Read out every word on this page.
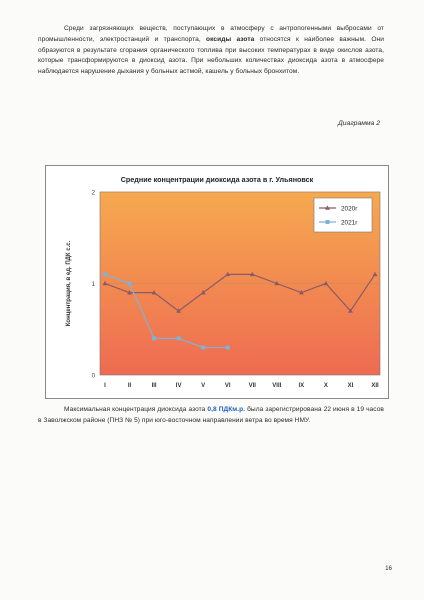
Среди загрязняющих веществ, поступающих в атмосферу с антропогенными выбросами от промышленности, электростанций и транспорта, оксиды азота относятся к наиболее важным. Они образуются в результате сгорания органического топлива при высоких температурах в виде окислов азота, которые трансформируются в диоксид азота. При небольших количествах диоксида азота в атмосфере наблюдается нарушение дыхания у больных астмой, кашель у больных бронхитом.

Диаграмма 2

Средние концентрации диоксида азота в г. Ульяновск
0
1
2
I	II	III	IV	V	VI	VII	VIII	IX	X	XI	XII
Концентрация, в ед. ПДК с.с.
2020г
2021г

Максимальная концентрация диоксида азота 0,8 ПДКм.р. была зарегистрирована 22 июня в 19 часов в Заволжском районе (ПНЗ № 5) при юго-восточном направлении ветра во время НМУ.

16
